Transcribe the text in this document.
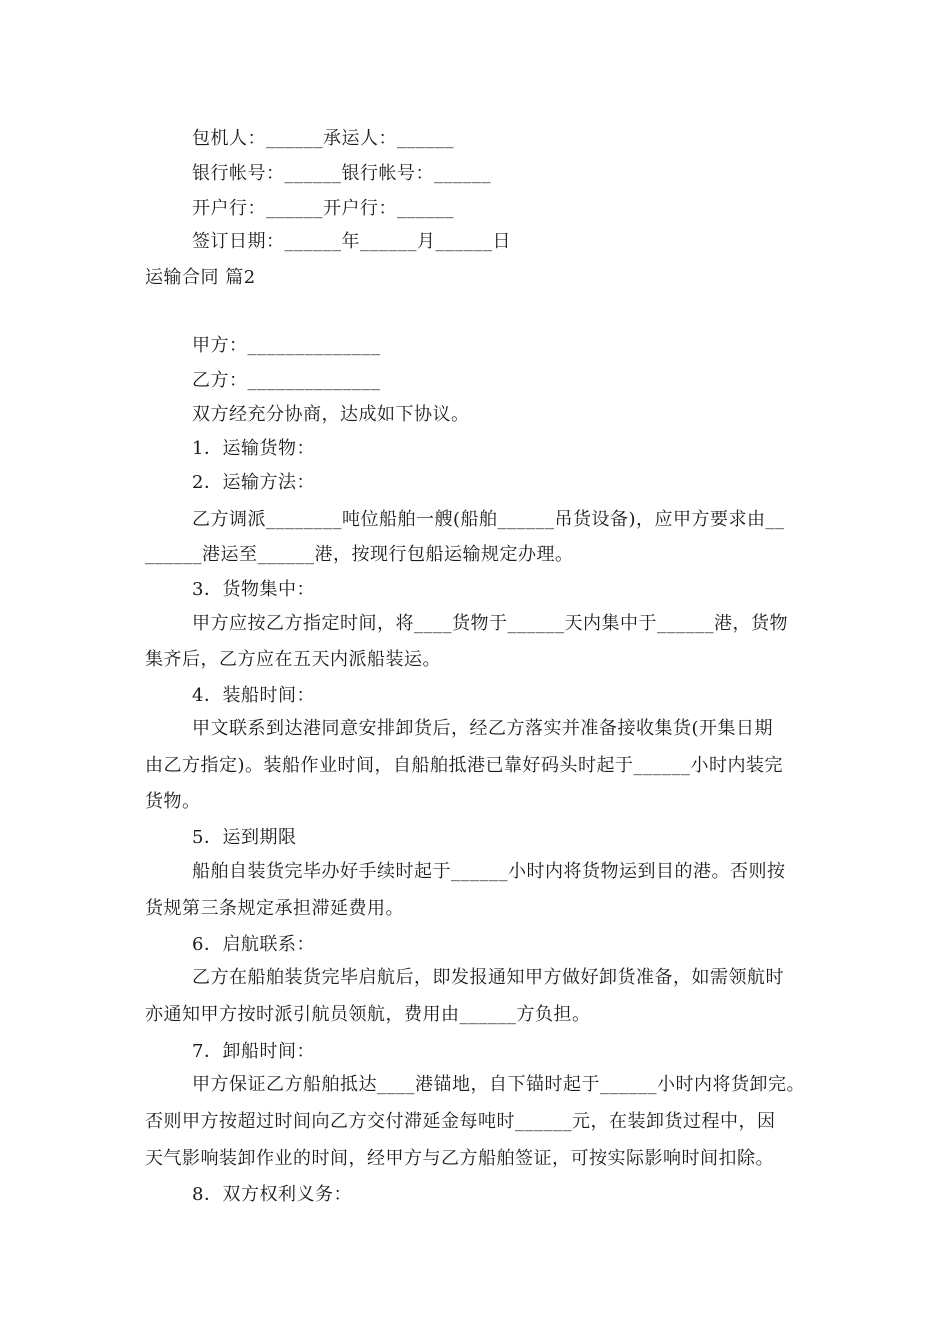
包机人：______承运人：______
银行帐号：______银行帐号：______
开户行：______开户行：______
签订日期：______年______月______日
运输合同 篇2
甲方：______________
乙方：______________
双方经充分协商，达成如下协议。
1．运输货物：
2．运输方法：
乙方调派________吨位船舶一艘(船舶______吊货设备)，应甲方要求由__
______港运至______港，按现行包船运输规定办理。
3．货物集中：
甲方应按乙方指定时间，将____货物于______天内集中于______港，货物
集齐后，乙方应在五天内派船装运。
4．装船时间：
甲文联系到达港同意安排卸货后，经乙方落实并准备接收集货(开集日期
由乙方指定)。装船作业时间，自船舶抵港已靠好码头时起于______小时内装完
货物。
5．运到期限
船舶自装货完毕办好手续时起于______小时内将货物运到目的港。否则按
货规第三条规定承担滞延费用。
6．启航联系：
乙方在船舶装货完毕启航后，即发报通知甲方做好卸货准备，如需领航时
亦通知甲方按时派引航员领航，费用由______方负担。
7．卸船时间：
甲方保证乙方船舶抵达____港锚地，自下锚时起于______小时内将货卸完。
否则甲方按超过时间向乙方交付滞延金每吨时______元，在装卸货过程中，因
天气影响装卸作业的时间，经甲方与乙方船舶签证，可按实际影响时间扣除。
8．双方权利义务：
